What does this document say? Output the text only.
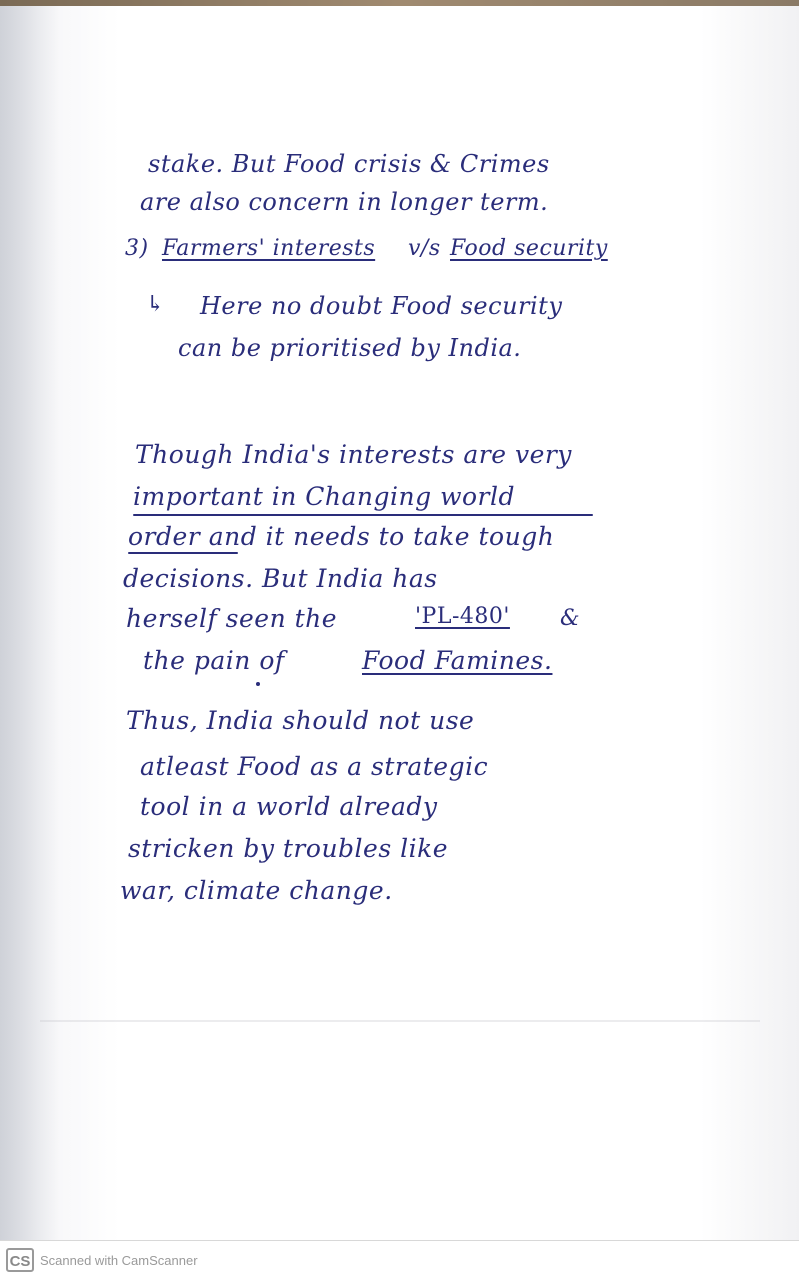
stake. But Food crisis & Crimes
are also concern in longer term.
3) Farmers' interests v/s Food security
↳ Here no doubt Food security
can be prioritised by India.
Though India's interests are very
important in Changing world
order and it needs to take tough
decisions. But India has
herself seen the	'PL-480' &
the pain of	Food Famines.
Thus, India should not use
atleast Food as a strategic
tool in a world already
stricken by troubles like
war, climate change.
CS Scanned with CamScanner
